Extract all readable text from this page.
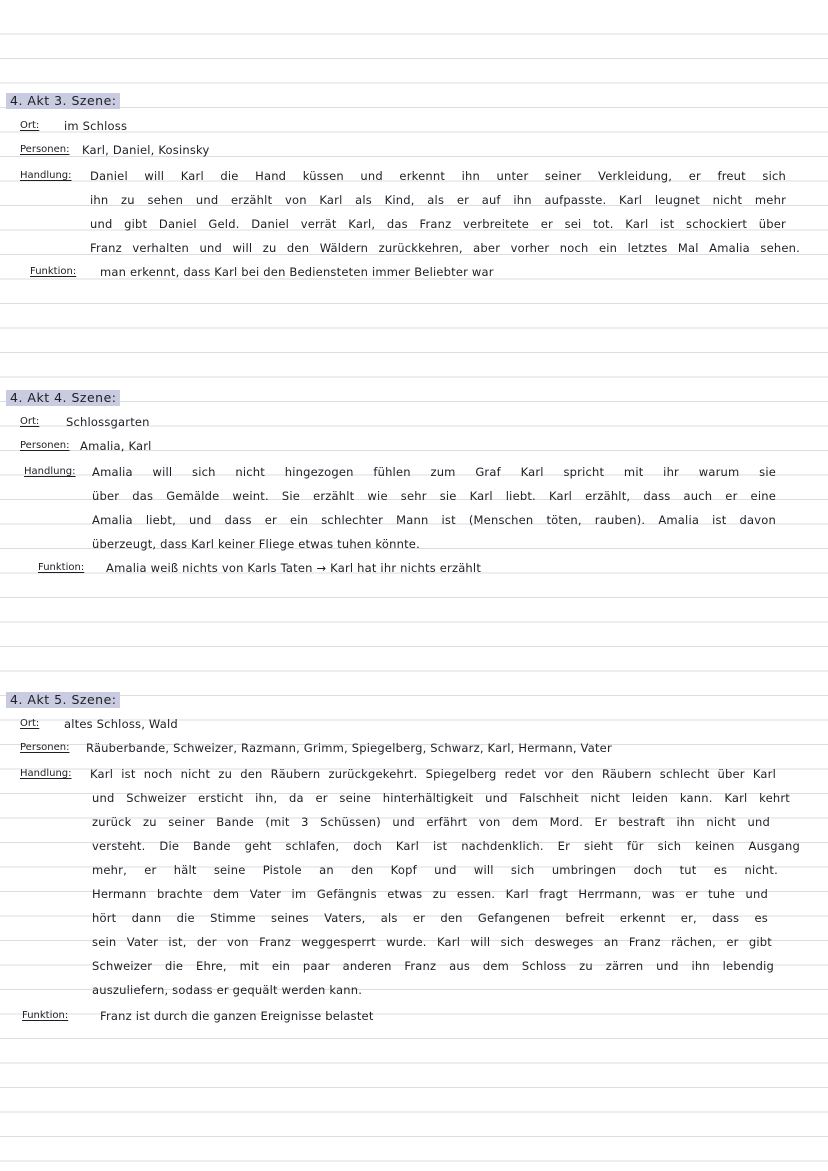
4. Akt 3. Szene:
Ort: im Schloss
Personen: Karl, Daniel, Kosinsky
Handlung: Daniel will Karl die Hand küssen und erkennt ihn unter seiner Verkleidung, er freut sich
ihn zu sehen und erzählt von Karl als Kind, als er auf ihn aufpasste. Karl leugnet nicht mehr
und gibt Daniel Geld. Daniel verrät Karl, das Franz verbreitete er sei tot. Karl ist schockiert über
Franz verhalten und will zu den Wäldern zurückkehren, aber vorher noch ein letztes Mal Amalia sehen.
Funktion: man erkennt, dass Karl bei den Bediensteten immer Beliebter war
4. Akt 4. Szene:
Ort: Schlossgarten
Personen: Amalia, Karl
Handlung: Amalia will sich nicht hingezogen fühlen zum Graf Karl spricht mit ihr warum sie
über das Gemälde weint. Sie erzählt wie sehr sie Karl liebt. Karl erzählt, dass auch er eine
Amalia liebt, und dass er ein schlechter Mann ist (Menschen töten, rauben). Amalia ist davon
überzeugt, dass Karl keiner Fliege etwas tuhen könnte.
Funktion: Amalia weiß nichts von Karls Taten → Karl hat ihr nichts erzählt
4. Akt 5. Szene:
Ort: altes Schloss, Wald
Personen: Räuberbande, Schweizer, Razmann, Grimm, Spiegelberg, Schwarz, Karl, Hermann, Vater
Handlung: Karl ist noch nicht zu den Räubern zurückgekehrt. Spiegelberg redet vor den Räubern schlecht über Karl
und Schweizer ersticht ihn, da er seine hinterhältigkeit und Falschheit nicht leiden kann. Karl kehrt
zurück zu seiner Bande (mit 3 Schüssen) und erfährt von dem Mord. Er bestraft ihn nicht und
versteht. Die Bande geht schlafen, doch Karl ist nachdenklich. Er sieht für sich keinen Ausgang
mehr, er hält seine Pistole an den Kopf und will sich umbringen doch tut es nicht.
Hermann brachte dem Vater im Gefängnis etwas zu essen. Karl fragt Herrmann, was er tuhe und
hört dann die Stimme seines Vaters, als er den Gefangenen befreit erkennt er, dass es
sein Vater ist, der von Franz weggesperrt wurde. Karl will sich desweges an Franz rächen, er gibt
Schweizer die Ehre, mit ein paar anderen Franz aus dem Schloss zu zärren und ihn lebendig
auszuliefern, sodass er gequält werden kann.
Funktion:	Franz ist durch die ganzen Ereignisse belastet
